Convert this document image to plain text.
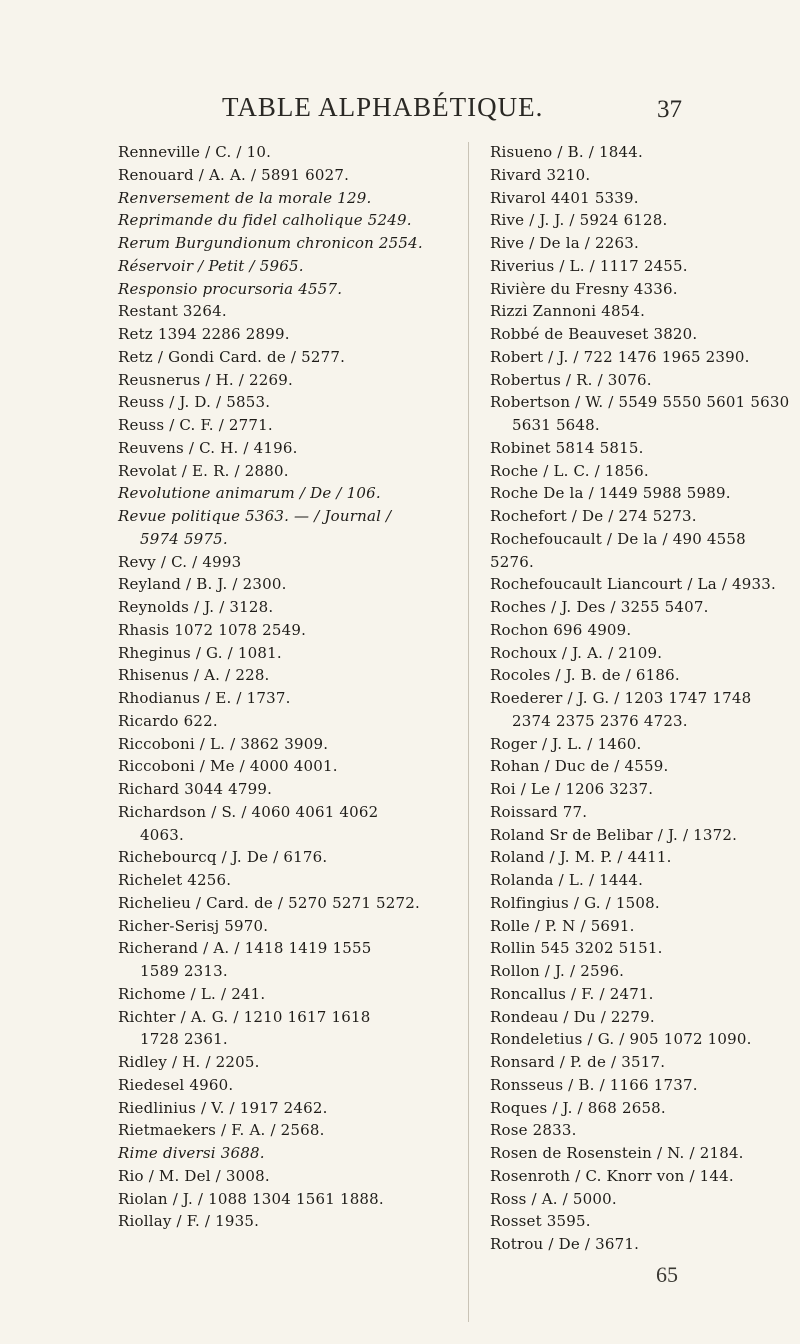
TABLE ALPHABÉTIQUE.	37
Renneville / C. / 10.
Renouard / A. A. / 5891 6027.
Renversement de la morale 129.
Reprimande du fidel calholique 5249.
Rerum Burgundionum chronicon 2554.
Réservoir / Petit / 5965.
Responsio procursoria 4557.
Restant 3264.
Retz 1394 2286 2899.
Retz / Gondi Card. de / 5277.
Reusnerus / H. / 2269.
Reuss / J. D. / 5853.
Reuss / C. F. / 2771.
Reuvens / C. H. / 4196.
Revolat / E. R. / 2880.
Revolutione animarum / De / 106.
Revue politique 5363. — / Journal /
5974 5975.
Revy / C. / 4993
Reyland / B. J. / 2300.
Reynolds / J. / 3128.
Rhasis 1072 1078 2549.
Rheginus / G. / 1081.
Rhisenus / A. / 228.
Rhodianus / E. / 1737.
Ricardo 622.
Riccoboni / L. / 3862 3909.
Riccoboni / Me / 4000 4001.
Richard 3044 4799.
Richardson / S. / 4060 4061 4062
4063.
Richebourcq / J. De / 6176.
Richelet 4256.
Richelieu / Card. de / 5270 5271 5272.
Richer-Serisj 5970.
Richerand / A. / 1418 1419 1555
1589 2313.
Richome / L. / 241.
Richter / A. G. / 1210 1617 1618
1728 2361.
Ridley / H. / 2205.
Riedesel 4960.
Riedlinius / V. / 1917 2462.
Rietmaekers / F. A. / 2568.
Rime diversi 3688.
Rio / M. Del / 3008.
Riolan / J. / 1088 1304 1561 1888.
Riollay / F. / 1935.
Risueno / B. / 1844.
Rivard 3210.
Rivarol 4401 5339.
Rive / J. J. / 5924 6128.
Rive / De la / 2263.
Riverius / L. / 1117 2455.
Rivière du Fresny 4336.
Rizzi Zannoni 4854.
Robbé de Beauveset 3820.
Robert / J. / 722 1476 1965 2390.
Robertus / R. / 3076.
Robertson / W. / 5549 5550 5601 5630
5631 5648.
Robinet 5814 5815.
Roche / L. C. / 1856.
Roche De la / 1449 5988 5989.
Rochefort / De / 274 5273.
Rochefoucault / De la / 490 4558 5276.
Rochefoucault Liancourt / La / 4933.
Roches / J. Des / 3255 5407.
Rochon 696 4909.
Rochoux / J. A. / 2109.
Rocoles / J. B. de / 6186.
Roederer / J. G. / 1203 1747 1748
2374 2375 2376 4723.
Roger / J. L. / 1460.
Rohan / Duc de / 4559.
Roi / Le / 1206 3237.
Roissard 77.
Roland Sr de Belibar / J. / 1372.
Roland / J. M. P. / 4411.
Rolanda / L. / 1444.
Rolfingius / G. / 1508.
Rolle / P. N / 5691.
Rollin 545 3202 5151.
Rollon / J. / 2596.
Roncallus / F. / 2471.
Rondeau / Du / 2279.
Rondeletius / G. / 905 1072 1090.
Ronsard / P. de / 3517.
Ronsseus / B. / 1166 1737.
Roques / J. / 868 2658.
Rose 2833.
Rosen de Rosenstein / N. / 2184.
Rosenroth / C. Knorr von / 144.
Ross / A. / 5000.
Rosset 3595.
Rotrou / De / 3671.
65
